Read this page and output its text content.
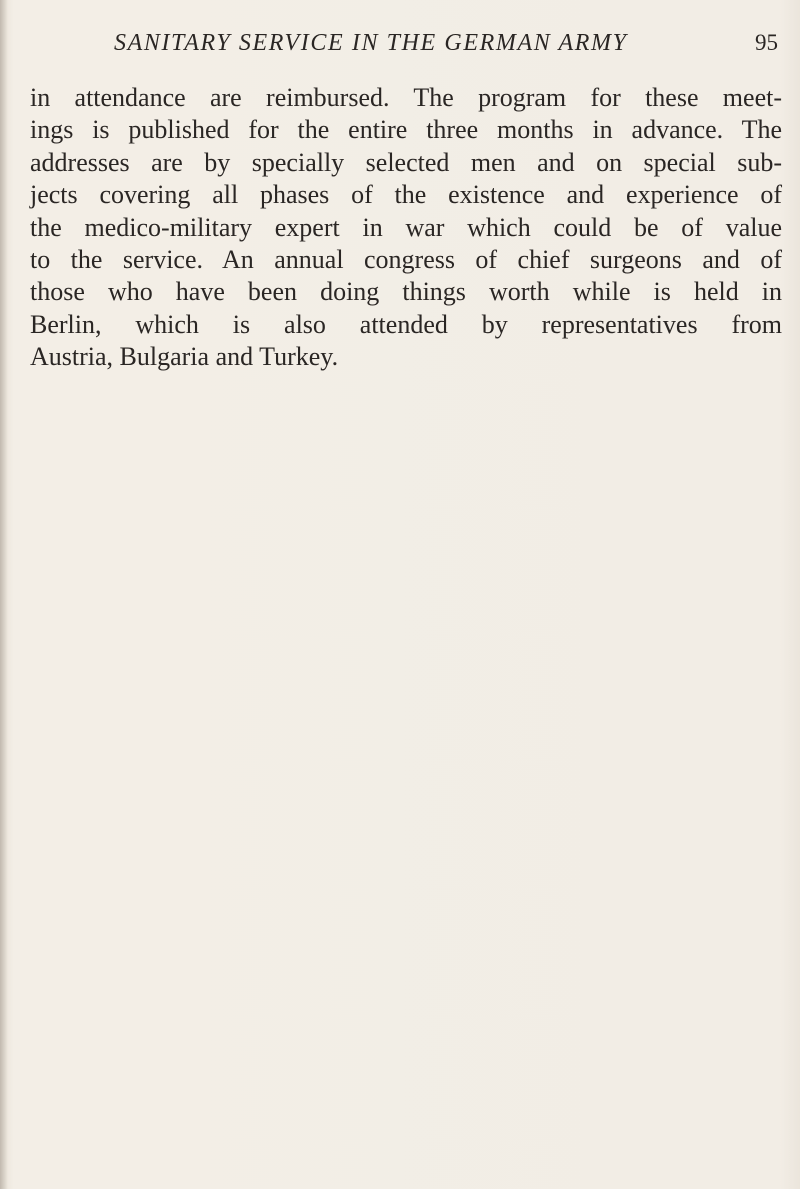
SANITARY SERVICE IN THE GERMAN ARMY	95

in attendance are reimbursed. The program for these meet-
ings is published for the entire three months in advance. The
addresses are by specially selected men and on special sub-
jects covering all phases of the existence and experience of
the medico-military expert in war which could be of value
to the service. An annual congress of chief surgeons and of
those who have been doing things worth while is held in
Berlin, which is also attended by representatives from
Austria, Bulgaria and Turkey.
